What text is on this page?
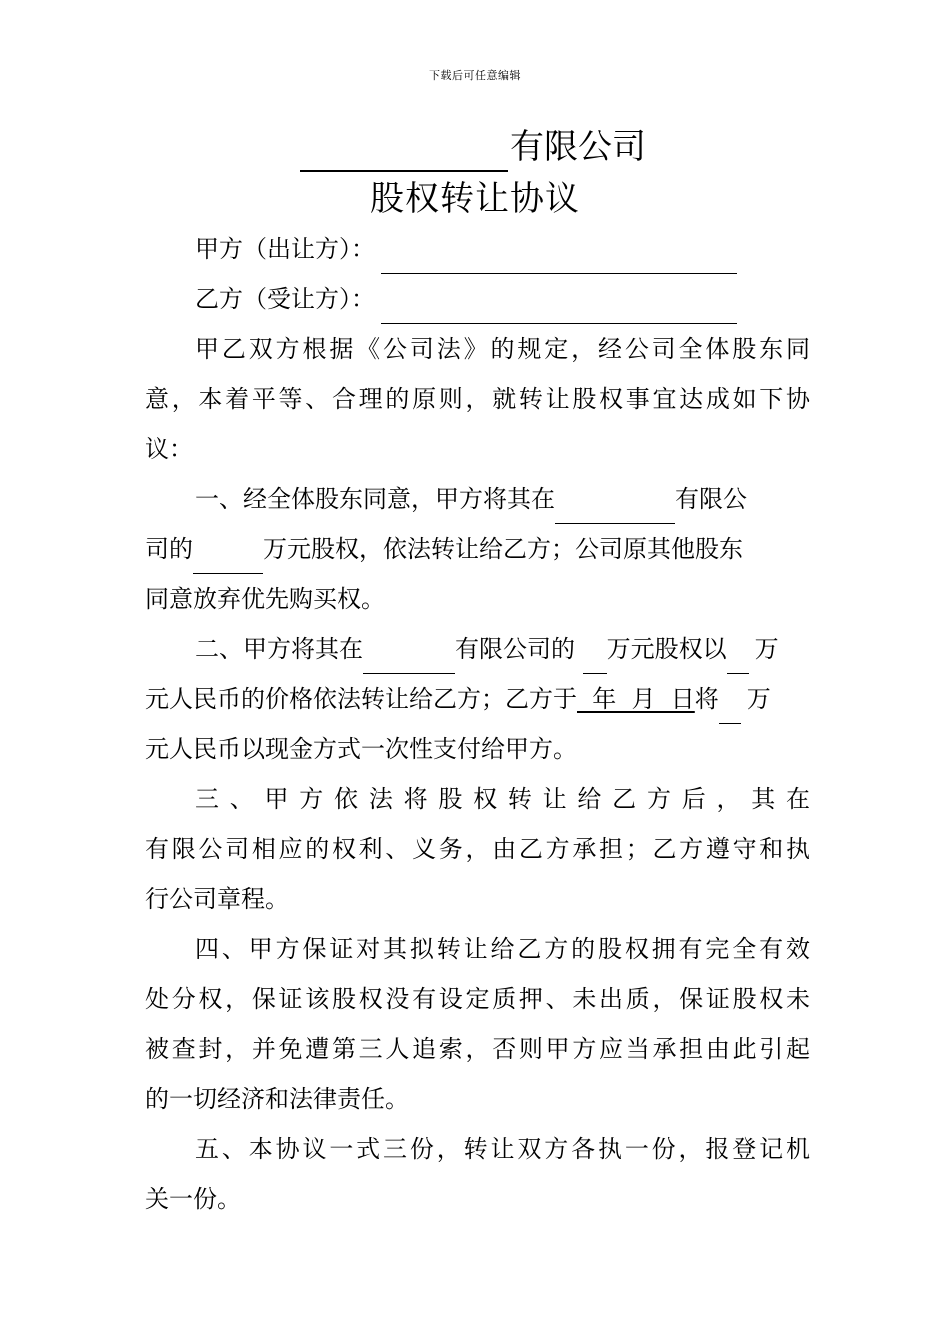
下载后可任意编辑
有限公司
股权转让协议
甲方（出让方）：
乙方（受让方）：
甲乙双方根据《公司法》的规定，经公司全体股东同
意，本着平等、合理的原则，就转让股权事宜达成如下协
议：
一、经全体股东同意，甲方将其在	有限公
司的	万元股权，依法转让给乙方；公司原其他股东
同意放弃优先购买权。
二、甲方将其在	有限公司的 万元股权以 万
元人民币的价格依法转让给乙方；乙方于  年  月  日将 万
元人民币以现金方式一次性支付给甲方。
三、甲方依法将股权转让给乙方后，其在
有限公司相应的权利、义务，由乙方承担；乙方遵守和执
行公司章程。
四、甲方保证对其拟转让给乙方的股权拥有完全有效
处分权，保证该股权没有设定质押、未出质，保证股权未
被查封，并免遭第三人追索，否则甲方应当承担由此引起
的一切经济和法律责任。
五、本协议一式三份，转让双方各执一份，报登记机
关一份。
